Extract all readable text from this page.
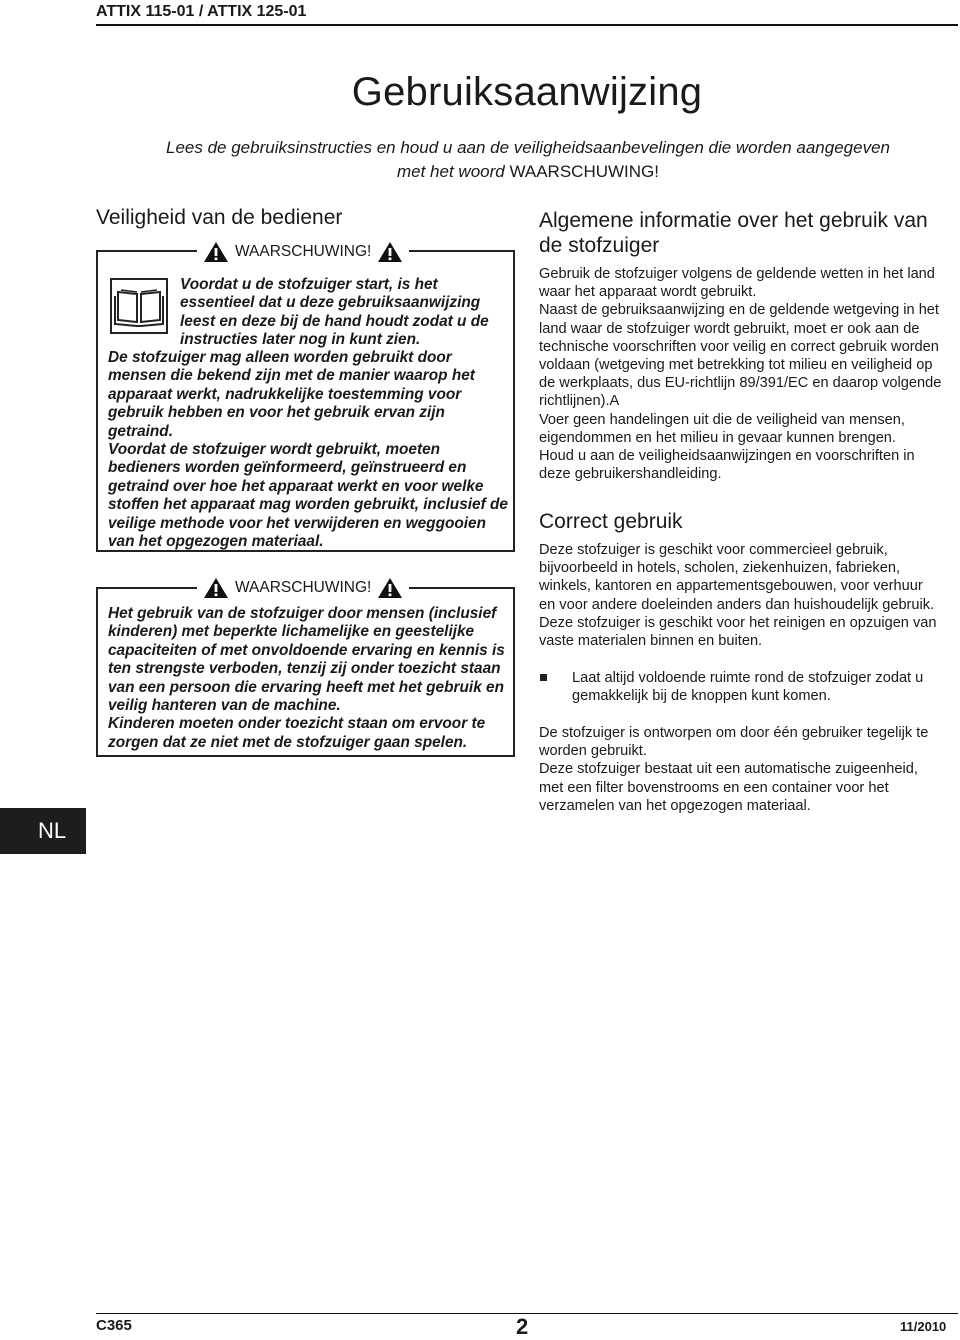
ATTIX 115-01 / ATTIX 125-01
Gebruiksaanwijzing
Lees de gebruiksinstructies en houd u aan de veiligheidsaanbevelingen die worden aangegeven
met het woord WAARSCHUWING!
Veiligheid van de bediener
WAARSCHUWING!
Voordat u de stofzuiger start, is het
essentieel dat u deze gebruiksaanwijzing
leest en deze bij de hand houdt zodat u de
instructies later nog in kunt zien.
De stofzuiger mag alleen worden gebruikt door
mensen die bekend zijn met de manier waarop het
apparaat werkt, nadrukkelijke toestemming voor
gebruik hebben en voor het gebruik ervan zijn
getraind.
Voordat de stofzuiger wordt gebruikt, moeten
bedieners worden geïnformeerd, geïnstrueerd en
getraind over hoe het apparaat werkt en voor welke
stoffen het apparaat mag worden gebruikt, inclusief de
veilige methode voor het verwijderen en weggooien
van het opgezogen materiaal.
WAARSCHUWING!
Het gebruik van de stofzuiger door mensen (inclusief
kinderen) met beperkte lichamelijke en geestelijke
capaciteiten of met onvoldoende ervaring en kennis is
ten strengste verboden, tenzij zij onder toezicht staan
van een persoon die ervaring heeft met het gebruik en
veilig hanteren van de machine.
Kinderen moeten onder toezicht staan om ervoor te
zorgen dat ze niet met de stofzuiger gaan spelen.
NL
Algemene informatie over het gebruik van
de stofzuiger
Gebruik de stofzuiger volgens de geldende wetten in het land
waar het apparaat wordt gebruikt.
Naast de gebruiksaanwijzing en de geldende wetgeving in het
land waar de stofzuiger wordt gebruikt, moet er ook aan de
technische voorschriften voor veilig en correct gebruik worden
voldaan (wetgeving met betrekking tot milieu en veiligheid op
de werkplaats, dus EU-richtlijn 89/391/EC en daarop volgende
richtlijnen).A
Voer geen handelingen uit die de veiligheid van mensen,
eigendommen en het milieu in gevaar kunnen brengen.
Houd u aan de veiligheidsaanwijzingen en voorschriften in
deze gebruikershandleiding.
Correct gebruik
Deze stofzuiger is geschikt voor commercieel gebruik,
bijvoorbeeld in hotels, scholen, ziekenhuizen, fabrieken,
winkels, kantoren en appartementsgebouwen, voor verhuur
en voor andere doeleinden anders dan huishoudelijk gebruik.
Deze stofzuiger is geschikt voor het reinigen en opzuigen van
vaste materialen binnen en buiten.
Laat altijd voldoende ruimte rond de stofzuiger zodat u
gemakkelijk bij de knoppen kunt komen.
De stofzuiger is ontworpen om door één gebruiker tegelijk te
worden gebruikt.
Deze stofzuiger bestaat uit een automatische zuigeenheid,
met een filter bovenstrooms en een container voor het
verzamelen van het opgezogen materiaal.
C365	2	11/2010
